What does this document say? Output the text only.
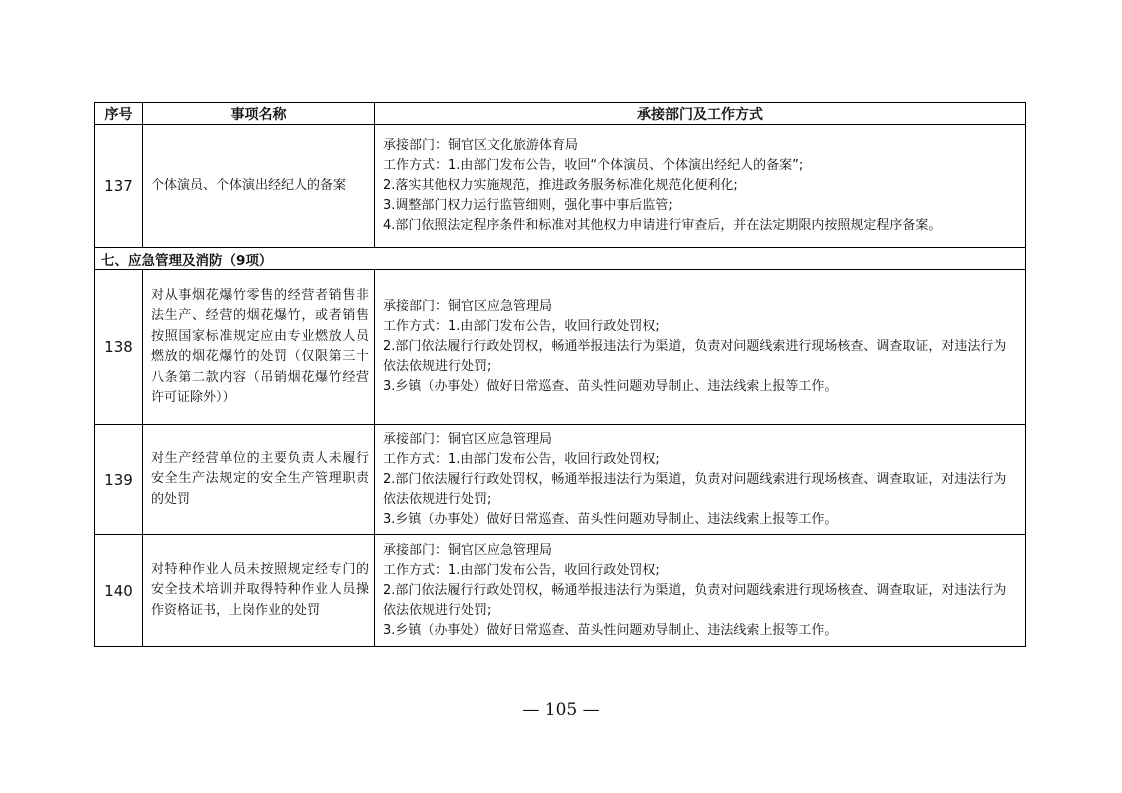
序号	事项名称	承接部门及工作方式
137	个体演员、个体演出经纪人的备案	承接部门：铜官区文化旅游体育局
工作方式：1.由部门发布公告，收回“个体演员、个体演出经纪人的备案”;
2.落实其他权力实施规范，推进政务服务标准化规范化便利化;
3.调整部门权力运行监管细则，强化事中事后监管;
4.部门依照法定程序条件和标准对其他权力申请进行审查后，并在法定期限内按照规定程序备案。

七、应急管理及消防（9项）		
138	对从事烟花爆竹零售的经营者销售非法生产、经营的烟花爆竹，或者销售按照国家标准规定应由专业燃放人员燃放的烟花爆竹的处罚（仅限第三十八条第二款内容（吊销烟花爆竹经营许可证除外））	承接部门：铜官区应急管理局
工作方式：1.由部门发布公告，收回行政处罚权;
2.部门依法履行行政处罚权，畅通举报违法行为渠道，负责对问题线索进行现场核查、调查取证，对违法行为依法依规进行处罚;
3.乡镇（办事处）做好日常巡查、苗头性问题劝导制止、违法线索上报等工作。

139	对生产经营单位的主要负责人未履行安全生产法规定的安全生产管理职责的处罚	承接部门：铜官区应急管理局
工作方式：1.由部门发布公告，收回行政处罚权;
2.部门依法履行行政处罚权，畅通举报违法行为渠道，负责对问题线索进行现场核查、调查取证，对违法行为依法依规进行处罚;
3.乡镇（办事处）做好日常巡查、苗头性问题劝导制止、违法线索上报等工作。

140	对特种作业人员未按照规定经专门的安全技术培训并取得特种作业人员操作资格证书，上岗作业的处罚	承接部门：铜官区应急管理局
工作方式：1.由部门发布公告，收回行政处罚权;
2.部门依法履行行政处罚权，畅通举报违法行为渠道，负责对问题线索进行现场核查、调查取证，对违法行为依法依规进行处罚;
3.乡镇（办事处）做好日常巡查、苗头性问题劝导制止、违法线索上报等工作。
— 105 —
